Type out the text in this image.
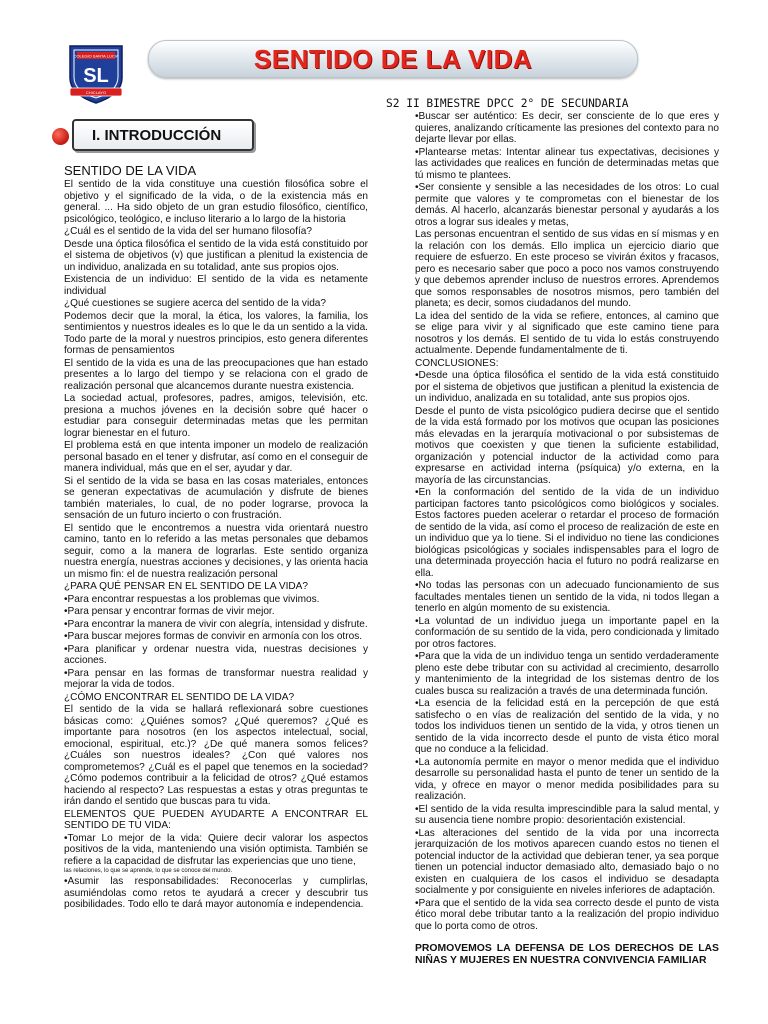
COLEGIO SANTA LUCIA
SL
CHICLAYO
SENTIDO DE LA VIDA
S2 II BIMESTRE DPCC 2° DE SECUNDARIA
I. INTRODUCCIÓN

SENTIDO DE LA VIDA

El sentido de la vida constituye una cuestión filosófica sobre el objetivo y el significado de la vida, o de la existencia más en general. ... Ha sido objeto de un gran estudio filosófico, científico, psicológico, teológico, e incluso literario a lo largo de la historia

¿Cuál es el sentido de la vida del ser humano filosofía?

Desde una óptica filosófica el sentido de la vida está constituido por el sistema de objetivos (v) que justifican a plenitud la existencia de un individuo, analizada en su totalidad, ante sus propios ojos.

Existencia de un individuo: El sentido de la vida es netamente individual

¿Qué cuestiones se sugiere acerca del sentido de la vida?

Podemos decir que la moral, la ética, los valores, la familia, los sentimientos y nuestros ideales es lo que le da un sentido a la vida. Todo parte de la moral y nuestros principios, esto genera diferentes formas de pensamientos

El sentido de la vida es una de las preocupaciones que han estado presentes a lo largo del tiempo y se relaciona con el grado de realización personal que alcancemos durante nuestra existencia.

La sociedad actual, profesores, padres, amigos, televisión, etc. presiona a muchos jóvenes en la decisión sobre qué hacer o estudiar para conseguir determinadas metas que les permitan lograr bienestar en el futuro.

El problema está en que intenta imponer un modelo de realización personal basado en el tener y disfrutar, así como en el conseguir de manera individual, más que en el ser, ayudar y dar.

Si el sentido de la vida se basa en las cosas materiales, entonces se generan expectativas de acumulación y disfrute de bienes también materiales, lo cual, de no poder lograrse, provoca la sensación de un futuro incierto o con frustración.

El sentido que le encontremos a nuestra vida orientará nuestro camino, tanto en lo referido a las metas personales que debamos seguir, como a la manera de lograrlas. Este sentido organiza nuestra energía, nuestras acciones y decisiones, y las orienta hacia un mismo fin: el de nuestra realización personal

¿PARA QUÉ PENSAR EN EL SENTIDO DE LA VIDA?

•Para encontrar respuestas a los problemas que vivimos.

•Para pensar y encontrar formas de vivir mejor.

•Para encontrar la manera de vivir con alegría, intensidad y disfrute.

•Para buscar mejores formas de convivir en armonía con los otros.

•Para planificar y ordenar nuestra vida, nuestras decisiones y acciones.

•Para pensar en las formas de transformar nuestra realidad y mejorar la vida de todos.

¿CÓMO ENCONTRAR EL SENTIDO DE LA VIDA?

El sentido de la vida se hallará reflexionará sobre cuestiones básicas como: ¿Quiénes somos? ¿Qué queremos? ¿Qué es importante para nosotros (en los aspectos intelectual, social, emocional, espiritual, etc.)? ¿De qué manera somos felices? ¿Cuáles son nuestros ideales? ¿Con qué valores nos comprometemos? ¿Cuál es el papel que tenemos en la sociedad? ¿Cómo podemos contribuir a la felicidad de otros? ¿Qué estamos haciendo al respecto? Las respuestas a estas y otras preguntas te irán dando el sentido que buscas para tu vida.

ELEMENTOS QUE PUEDEN AYUDARTE A ENCONTRAR EL SENTIDO DE TU VIDA:

•Tomar Lo mejor de la vida: Quiere decir valorar los aspectos positivos de la vida, manteniendo una visión optimista. También se refiere a la capacidad de disfrutar las experiencias que uno tiene,

las relaciones, lo que se aprende, lo que se conoce del mundo.

•Asumir las responsabilidades: Reconocerlas y cumplirlas, asumiéndolas como retos te ayudará a crecer y descubrir tus posibilidades. Todo ello te dará mayor autonomía e independencia.

•Buscar ser auténtico: Es decir, ser consciente de lo que eres y quieres, analizando críticamente las presiones del contexto para no dejarte llevar por ellas.

•Plantearse metas: Intentar alinear tus expectativas, decisiones y las actividades que realices en función de determinadas metas que tú mismo te plantees.

•Ser consiente y sensible a las necesidades de los otros: Lo cual permite que valores y te comprometas con el bienestar de los demás. Al hacerlo, alcanzarás bienestar personal y ayudarás a los otros a lograr sus ideales y metas,

Las personas encuentran el sentido de sus vidas en sí mismas y en la relación con los demás. Ello implica un ejercicio diario que requiere de esfuerzo. En este proceso se vivirán éxitos y fracasos, pero es necesario saber que poco a poco nos vamos construyendo y que debemos aprender incluso de nuestros errores. Aprendemos que somos responsables de nosotros mismos, pero también del planeta; es decir, somos ciudadanos del mundo.

La idea del sentido de la vida se refiere, entonces, al camino que se elige para vivir y al significado que este camino tiene para nosotros y los demás. El sentido de tu vida lo estás construyendo actualmente. Depende fundamentalmente de ti.

CONCLUSIONES:

•Desde una óptica filosófica el sentido de la vida está constituido por el sistema de objetivos que justifican a plenitud la existencia de un individuo, analizada en su totalidad, ante sus propios ojos.

Desde el punto de vista psicológico pudiera decirse que el sentido de la vida está formado por los motivos que ocupan las posiciones más elevadas en la jerarquía motivacional o por subsistemas de motivos que coexisten y que tienen la suficiente estabilidad, organización y potencial inductor de la actividad como para expresarse en actividad interna (psíquica) y/o externa, en la mayoría de las circunstancias.

•En la conformación del sentido de la vida de un individuo participan factores tanto psicológicos como biológicos y sociales. Estos factores pueden acelerar o retardar el proceso de formación de sentido de la vida, así como el proceso de realización de este en un individuo que ya lo tiene. Si el individuo no tiene las condiciones biológicas psicológicas y sociales indispensables para el logro de una determinada proyección hacia el futuro no podrá realizarse en ella.

•No todas las personas con un adecuado funcionamiento de sus facultades mentales tienen un sentido de la vida, ni todos llegan a tenerlo en algún momento de su existencia.

•La voluntad de un individuo juega un importante papel en la conformación de su sentido de la vida, pero condicionada y limitado por otros factores.

•Para que la vida de un individuo tenga un sentido verdaderamente pleno este debe tributar con su actividad al crecimiento, desarrollo y mantenimiento de la integridad de los sistemas dentro de los cuales busca su realización a través de una determinada función.

•La esencia de la felicidad está en la percepción de que está satisfecho o en vías de realización del sentido de la vida, y no todos los individuos tienen un sentido de la vida, y otros tienen un sentido de la vida incorrecto desde el punto de vista ético moral que no conduce a la felicidad.

•La autonomía permite en mayor o menor medida que el individuo desarrolle su personalidad hasta el punto de tener un sentido de la vida, y ofrece en mayor o menor medida posibilidades para su realización.

•El sentido de la vida resulta imprescindible para la salud mental, y su ausencia tiene nombre propio: desorientación existencial.

•Las alteraciones del sentido de la vida por una incorrecta jerarquización de los motivos aparecen cuando estos no tienen el potencial inductor de la actividad que debieran tener, ya sea porque tienen un potencial inductor demasiado alto, demasiado bajo o no existen en cualquiera de los casos el individuo se desadapta socialmente y por consiguiente en niveles inferiores de adaptación.

•Para que el sentido de la vida sea correcto desde el punto de vista ético moral debe tributar tanto a la realización del propio individuo que lo porta como de otros.

PROMOVEMOS LA DEFENSA DE LOS DERECHOS DE LAS NIÑAS Y MUJERES EN NUESTRA CONVIVENCIA FAMILIAR
